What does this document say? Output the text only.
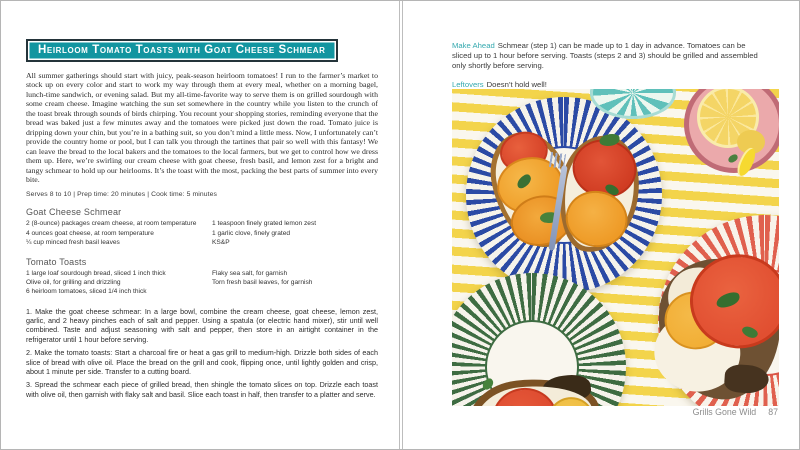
Heirloom Tomato Toasts with Goat Cheese Schmear

All summer gatherings should start with juicy, peak-season heirloom tomatoes! I run to the farmer’s market to stock up on every color and start to work my way through them at every meal, whether on a morning bagel, lunch-time sandwich, or evening salad. But my all-time-favorite way to serve them is on grilled sourdough with some cream cheese. Imagine watching the sun set somewhere in the country while you listen to the crunch of the toast break through sounds of birds chirping. You recount your shopping stories, reminding everyone that the bread was baked just a few minutes away and the tomatoes were picked just down the road. Tomato juice is dripping down your chin, but you’re in a bathing suit, so you don’t mind a little mess. Now, I unfortunately can’t provide the country home or pool, but I can talk you through the tartines that pair so well with this fantasy! We can leave the bread to the local bakers and the tomatoes to the local farmers, but we get to control how we dress them up. Here, we’re swirling our cream cheese with goat cheese, fresh basil, and lemon zest for a bright and tangy schmear to hold up our heirlooms. It’s the toast with the most, packing the best parts of summer into every bite.

Serves 8 to 10 | Prep time: 20 minutes | Cook time: 5 minutes

Goat Cheese Schmear
2 (8-ounce) packages cream cheese, at room temperature
4 ounces goat cheese, at room temperature
¼ cup minced fresh basil leaves
1 teaspoon finely grated lemon zest
1 garlic clove, finely grated
KS&P
Tomato Toasts
1 large loaf sourdough bread, sliced 1 inch thick
Olive oil, for grilling and drizzling
6 heirloom tomatoes, sliced 1/4 inch thick
Flaky sea salt, for garnish
Torn fresh basil leaves, for garnish

1. Make the goat cheese schmear: In a large bowl, combine the cream cheese, goat cheese, lemon zest, garlic, and 2 heavy pinches each of salt and pepper. Using a spatula (or electric hand mixer), stir until well combined. Taste and adjust seasoning with salt and pepper, then store in an airtight container in the refrigerator until 1 hour before serving.

2. Make the tomato toasts: Start a charcoal fire or heat a gas grill to medium-high. Drizzle both sides of each slice of bread with olive oil. Place the bread on the grill and cook, flipping once, until lightly golden and crisp, about 1 minute per side. Transfer to a cutting board.

3. Spread the schmear each piece of grilled bread, then shingle the tomato slices on top. Drizzle each toast with olive oil, then garnish with flaky salt and basil. Slice each toast in half, then transfer to a platter and serve.

Make Ahead Schmear (step 1) can be made up to 1 day in advance. Tomatoes can be sliced up to 1 hour before serving. Toasts (steps 2 and 3) should be grilled and assembled only shortly before serving.

Leftovers Doesn’t hold well!

Grills Gone Wild 87
